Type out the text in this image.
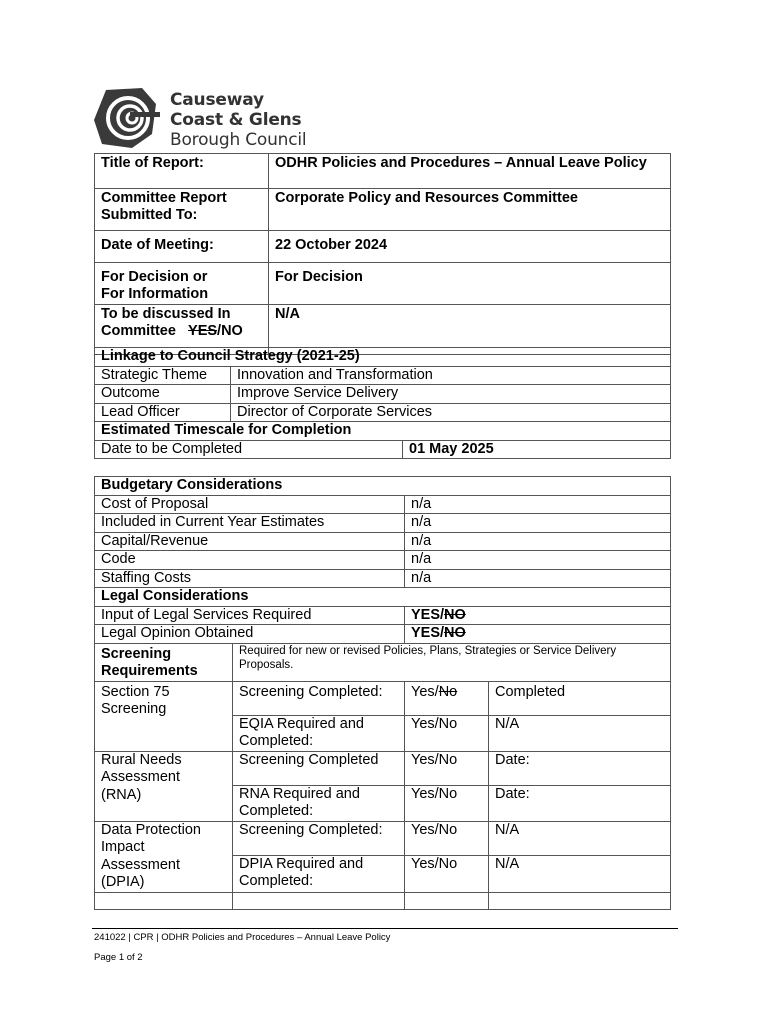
Causeway
Coast & Glens
Borough Council
Title of Report:	ODHR Policies and Procedures – Annual Leave Policy
Committee Report Submitted To:	Corporate Policy and Resources Committee
Date of Meeting:	22 October 2024
For Decision or
For Information	For Decision
To be discussed In
Committee YES/NO	N/A
Linkage to Council Strategy (2021-25)		
Strategic Theme	Innovation and Transformation	
Outcome	Improve Service Delivery	
Lead Officer	Director of Corporate Services	
Estimated Timescale for Completion		
Date to be Completed		01 May 2025
Budgetary Considerations			
Cost of Proposal		n/a	
Included in Current Year Estimates		n/a	
Capital/Revenue		n/a	
Code		n/a	
Staffing Costs		n/a	
Legal Considerations			
Input of Legal Services Required		YES/NO	
Legal Opinion Obtained		YES/NO	
Screening
Requirements	Required for new or revised Policies, Plans, Strategies or Service Delivery Proposals.		
Section 75
Screening	Screening Completed:	Yes/No	Completed
	EQIA Required and Completed:	Yes/No	N/A
Rural Needs
Assessment
(RNA)	Screening Completed	Yes/No	Date:
	RNA Required and Completed:	Yes/No	Date:
Data Protection
Impact
Assessment
(DPIA)	Screening Completed:	Yes/No	N/A
	DPIA Required and Completed:	Yes/No	N/A

241022 | CPR | ODHR Policies and Procedures – Annual Leave Policy
Page 1 of 2
